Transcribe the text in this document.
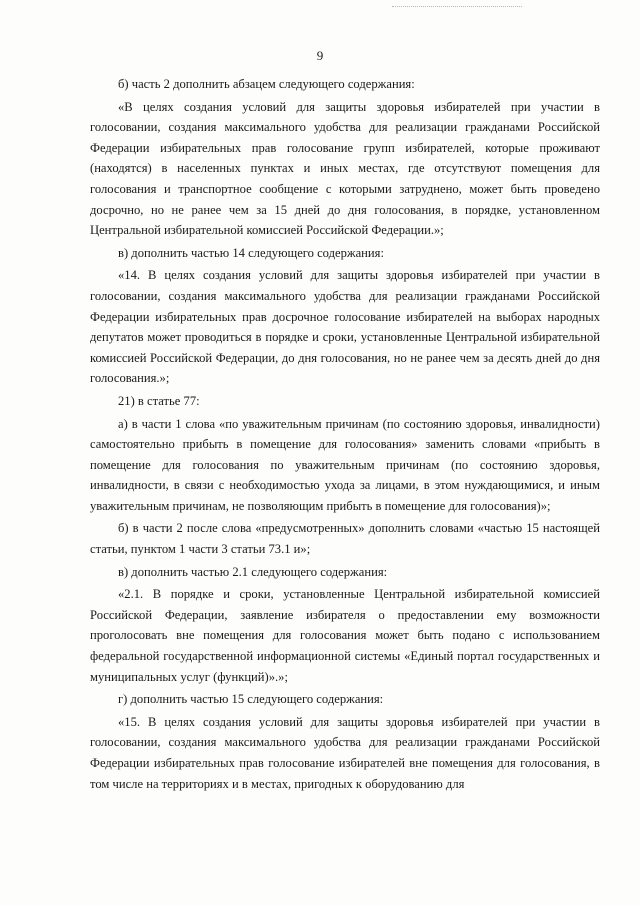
9

б) часть 2 дополнить абзацем следующего содержания:

«В целях создания условий для защиты здоровья избирателей при участии в голосовании, создания максимального удобства для реализации гражданами Российской Федерации избирательных прав голосование групп избирателей, которые проживают (находятся) в населенных пунктах и иных местах, где отсутствуют помещения для голосования и транспортное сообщение с которыми затруднено, может быть проведено досрочно, но не ранее чем за 15 дней до дня голосования, в порядке, установленном Центральной избирательной комиссией Российской Федерации.»;

в) дополнить частью 14 следующего содержания:

«14. В целях создания условий для защиты здоровья избирателей при участии в голосовании, создания максимального удобства для реализации гражданами Российской Федерации избирательных прав досрочное голосование избирателей на выборах народных депутатов может проводиться в порядке и сроки, установленные Центральной избирательной комиссией Российской Федерации, до дня голосования, но не ранее чем за десять дней до дня голосования.»;

21) в статье 77:

а) в части 1 слова «по уважительным причинам (по состоянию здоровья, инвалидности) самостоятельно прибыть в помещение для голосования» заменить словами «прибыть в помещение для голосования по уважительным причинам (по состоянию здоровья, инвалидности, в связи с необходимостью ухода за лицами, в этом нуждающимися, и иным уважительным причинам, не позволяющим прибыть в помещение для голосования)»;

б) в части 2 после слова «предусмотренных» дополнить словами «частью 15 настоящей статьи, пунктом 1 части 3 статьи 73.1 и»;

в) дополнить частью 2.1 следующего содержания:

«2.1. В порядке и сроки, установленные Центральной избирательной комиссией Российской Федерации, заявление избирателя о предоставлении ему возможности проголосовать вне помещения для голосования может быть подано с использованием федеральной государственной информационной системы «Единый портал государственных и муниципальных услуг (функций)».»;

г) дополнить частью 15 следующего содержания:

«15. В целях создания условий для защиты здоровья избирателей при участии в голосовании, создания максимального удобства для реализации гражданами Российской Федерации избирательных прав голосование избирателей вне помещения для голосования, в том числе на территориях и в местах, пригодных к оборудованию для
